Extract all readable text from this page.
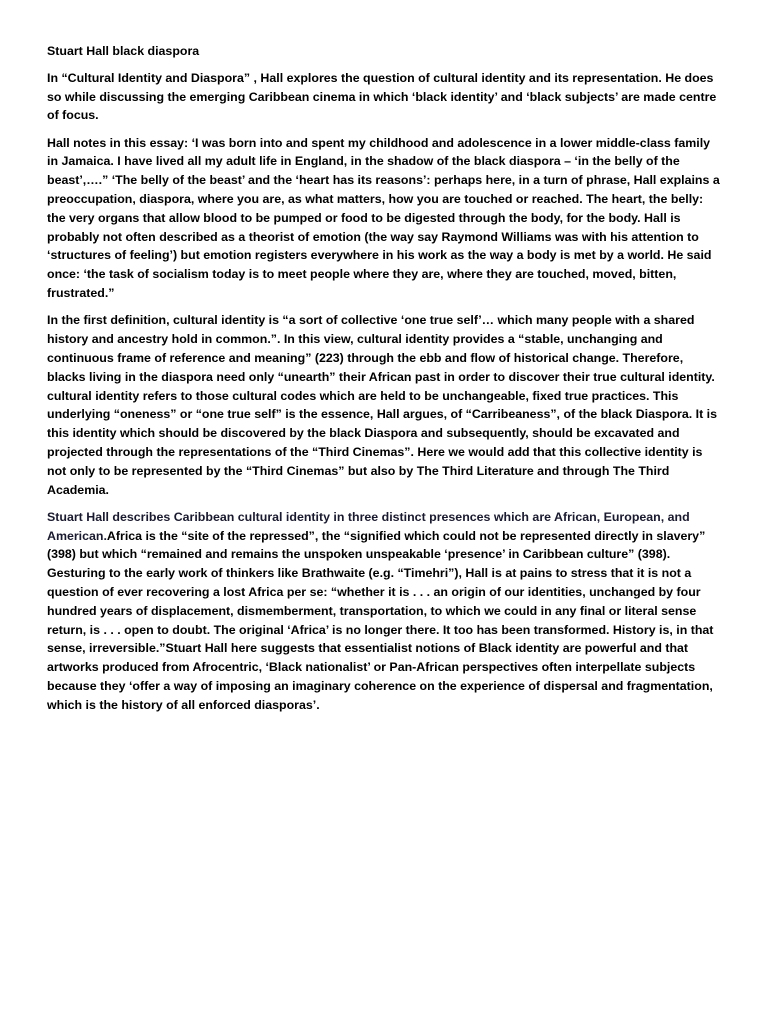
Stuart Hall black diaspora

In “Cultural Identity and Diaspora” , Hall explores the question of cultural identity and its representation. He does so while discussing the emerging Caribbean cinema in which ‘black identity’ and ‘black subjects’ are made centre of focus.

Hall notes in this essay: ‘I was born into and spent my childhood and adolescence in a lower middle-class family in Jamaica. I have lived all my adult life in England, in the shadow of the black diaspora – ‘in the belly of the beast’,….” ‘The belly of the beast’ and the ‘heart has its reasons’: perhaps here, in a turn of phrase, Hall explains a preoccupation, diaspora, where you are, as what matters, how you are touched or reached. The heart, the belly: the very organs that allow blood to be pumped or food to be digested through the body, for the body. Hall is probably not often described as a theorist of emotion (the way say Raymond Williams was with his attention to ‘structures of feeling’) but emotion registers everywhere in his work as the way a body is met by a world. He said once: ‘the task of socialism today is to meet people where they are, where they are touched, moved, bitten, frustrated.”

In the first definition, cultural identity is “a sort of collective ‘one true self’… which many people with a shared history and ancestry hold in common.”. In this view, cultural identity provides a “stable, unchanging and continuous frame of reference and meaning” (223) through the ebb and flow of historical change. Therefore, blacks living in the diaspora need only “unearth” their African past in order to discover their true cultural identity. cultural identity refers to those cultural codes which are held to be unchangeable, fixed true practices. This underlying “oneness” or “one true self” is the essence, Hall argues, of “Carribeaness”, of the black Diaspora. It is this identity which should be discovered by the black Diaspora and subsequently, should be excavated and projected through the representations of the “Third Cinemas”. Here we would add that this collective identity is not only to be represented by the “Third Cinemas” but also by The Third Literature and through The Third Academia.

Stuart Hall describes Caribbean cultural identity in three distinct presences which are African, European, and American.Africa is the “site of the repressed”, the “signified which could not be represented directly in slavery” (398) but which “remained and remains the unspoken unspeakable ‘presence’ in Caribbean culture” (398). Gesturing to the early work of thinkers like Brathwaite (e.g. “Timehri”), Hall is at pains to stress that it is not a question of ever recovering a lost Africa per se: “whether it is . . . an origin of our identities, unchanged by four hundred years of displacement, dismemberment, transportation, to which we could in any final or literal sense return, is . . . open to doubt. The original ‘Africa’ is no longer there. It too has been transformed. History is, in that sense, irreversible.”Stuart Hall here suggests that essentialist notions of Black identity are powerful and that artworks produced from Afrocentric, ‘Black nationalist’ or Pan-African perspectives often interpellate subjects because they ‘offer a way of imposing an imaginary coherence on the experience of dispersal and fragmentation, which is the history of all enforced diasporas’.
